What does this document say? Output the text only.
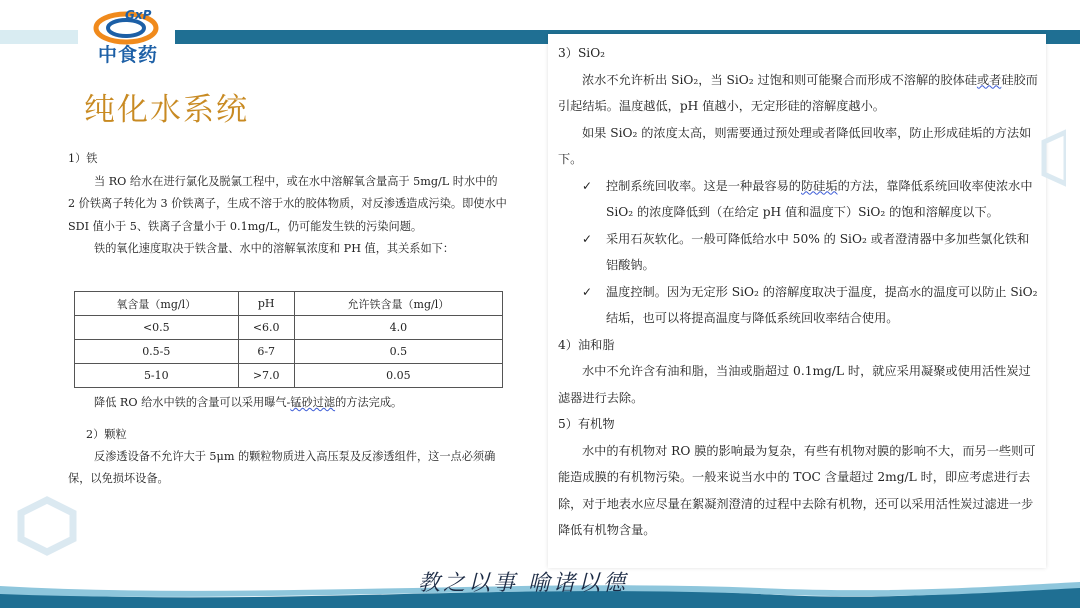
GxP
中食药
纯化水系统

1）铁

当 RO 给水在进行氯化及脱氯工程中，或在水中溶解氧含量高于 5mg/L 时水中的 2 价铁离子转化为 3 价铁离子，生成不溶于水的胶体物质，对反渗透造成污染。即使水中 SDI 值小于 5、铁离子含量小于 0.1mg/L，仍可能发生铁的污染问题。

铁的氧化速度取决于铁含量、水中的溶解氧浓度和 PH 值，其关系如下：

氧含量（mg/l）	pH	允许铁含量（mg/l）
<0.5	<6.0	4.0
0.5-5	6-7	0.5
5-10	>7.0	0.05

降低 RO 给水中铁的含量可以采用曝气-锰砂过滤的方法完成。

2）颗粒

反渗透设备不允许大于 5μm 的颗粒物质进入高压泵及反渗透组件，这一点必须确保，以免损坏设备。

3）SiO₂

浓水不允许析出 SiO₂，当 SiO₂ 过饱和则可能聚合而形成不溶解的胶体硅或者硅胶而引起结垢。温度越低，pH 值越小，无定形硅的溶解度越小。

如果 SiO₂ 的浓度太高，则需要通过预处理或者降低回收率，防止形成硅垢的方法如下。

✓ 控制系统回收率。这是一种最容易的防硅垢的方法，靠降低系统回收率使浓水中 SiO₂ 的浓度降低到（在给定 pH 值和温度下）SiO₂ 的饱和溶解度以下。

✓ 采用石灰软化。一般可降低给水中 50% 的 SiO₂ 或者澄清器中多加些氯化铁和铝酸钠。

✓ 温度控制。因为无定形 SiO₂ 的溶解度取决于温度，提高水的温度可以防止 SiO₂ 结垢，也可以将提高温度与降低系统回收率结合使用。

4）油和脂

水中不允许含有油和脂，当油或脂超过 0.1mg/L 时，就应采用凝聚或使用活性炭过滤器进行去除。

5）有机物

水中的有机物对 RO 膜的影响最为复杂，有些有机物对膜的影响不大，而另一些则可能造成膜的有机物污染。一般来说当水中的 TOC 含量超过 2mg/L 时，即应考虑进行去除，对于地表水应尽量在絮凝剂澄清的过程中去除有机物，还可以采用活性炭过滤进一步降低有机物含量。

教之以事 喻诸以德
